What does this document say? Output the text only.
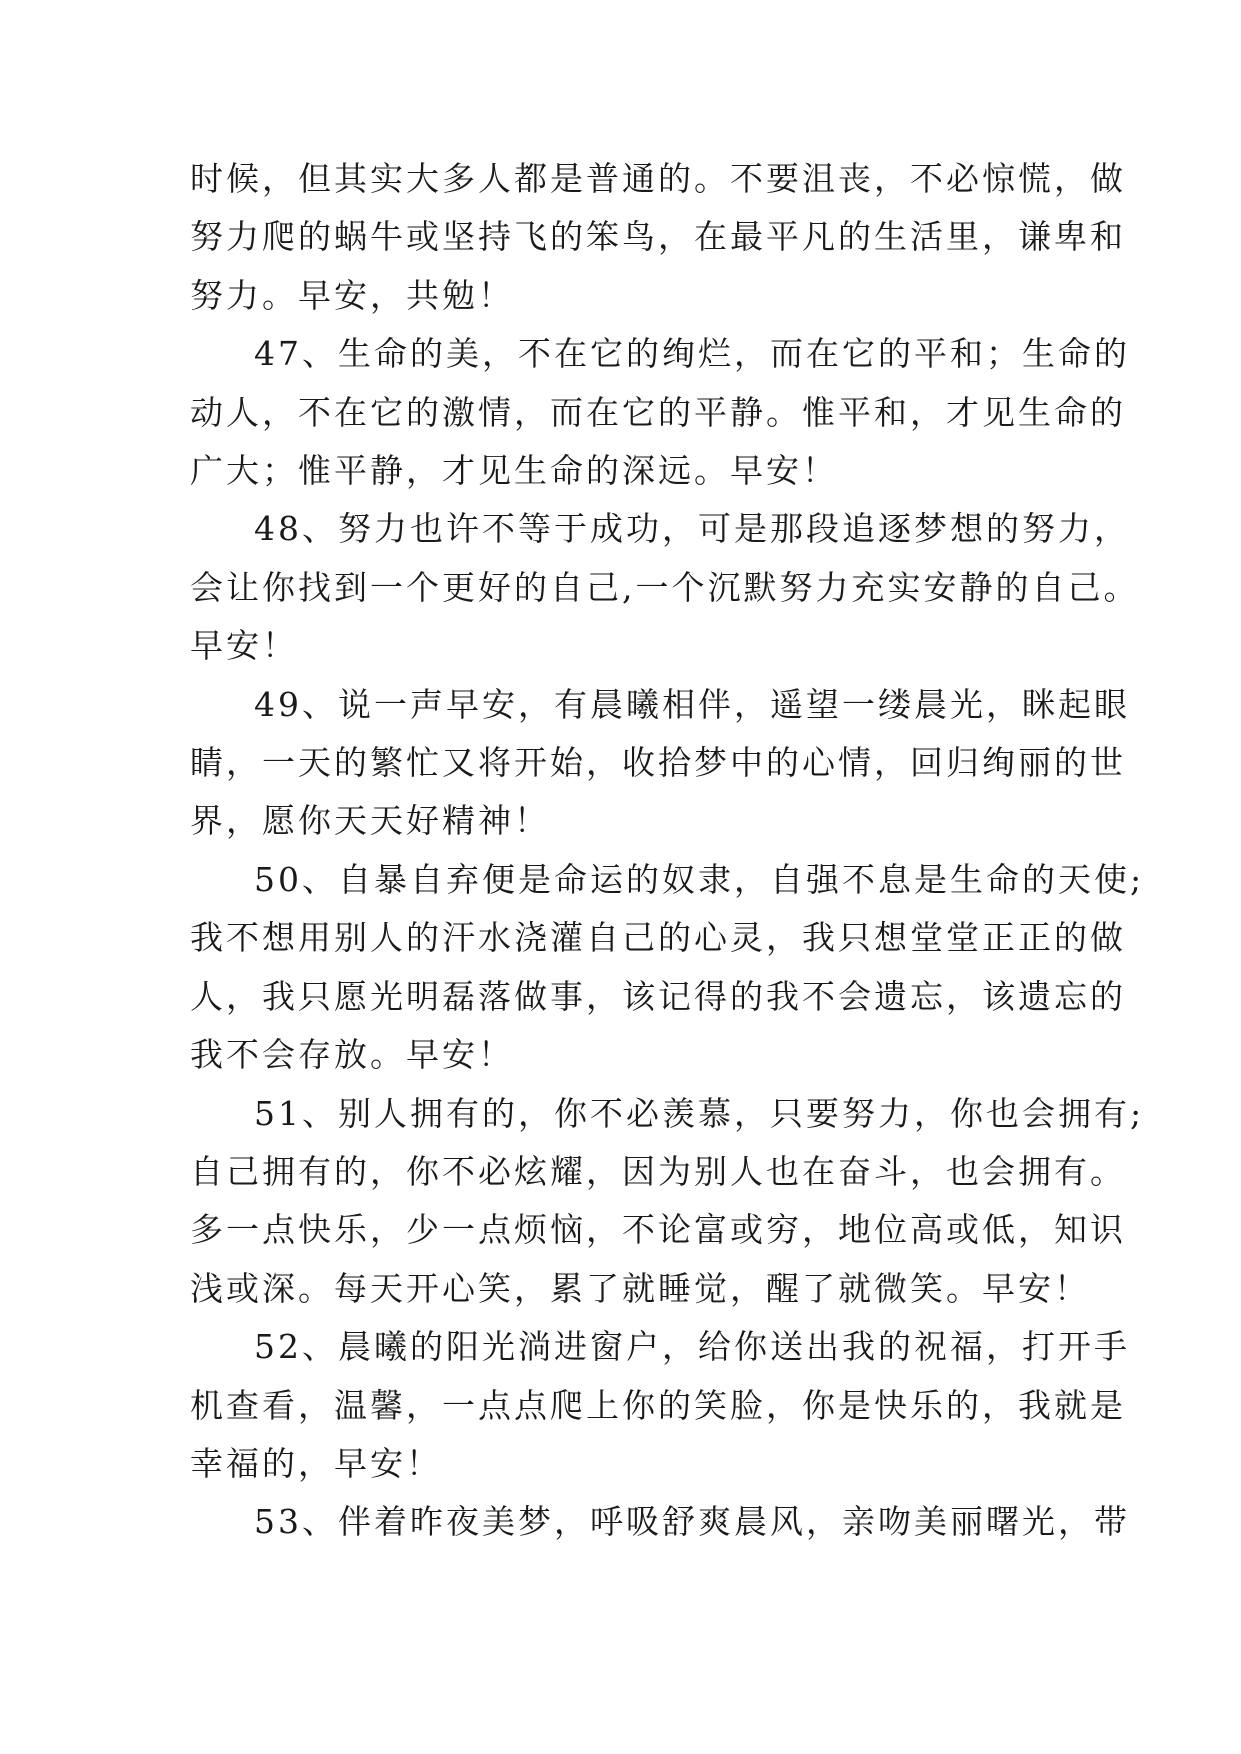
时候，但其实大多人都是普通的。不要沮丧，不必惊慌，做
努力爬的蜗牛或坚持飞的笨鸟，在最平凡的生活里，谦卑和
努力。早安，共勉！

47、生命的美，不在它的绚烂，而在它的平和；生命的
动人，不在它的激情，而在它的平静。惟平和，才见生命的
广大；惟平静，才见生命的深远。早安！

48、努力也许不等于成功，可是那段追逐梦想的努力，
会让你找到一个更好的自己,一个沉默努力充实安静的自己。
早安！

49、说一声早安，有晨曦相伴，遥望一缕晨光，眯起眼
睛，一天的繁忙又将开始，收拾梦中的心情，回归绚丽的世
界，愿你天天好精神！

50、自暴自弃便是命运的奴隶，自强不息是生命的天使;
我不想用别人的汗水浇灌自己的心灵，我只想堂堂正正的做
人，我只愿光明磊落做事，该记得的我不会遗忘，该遗忘的
我不会存放。早安！

51、别人拥有的，你不必羡慕，只要努力，你也会拥有;
自己拥有的，你不必炫耀，因为别人也在奋斗，也会拥有。
多一点快乐，少一点烦恼，不论富或穷，地位高或低，知识
浅或深。每天开心笑，累了就睡觉，醒了就微笑。早安！

52、晨曦的阳光淌进窗户，给你送出我的祝福，打开手
机查看，温馨，一点点爬上你的笑脸，你是快乐的，我就是
幸福的，早安！

53、伴着昨夜美梦，呼吸舒爽晨风，亲吻美丽曙光，带
